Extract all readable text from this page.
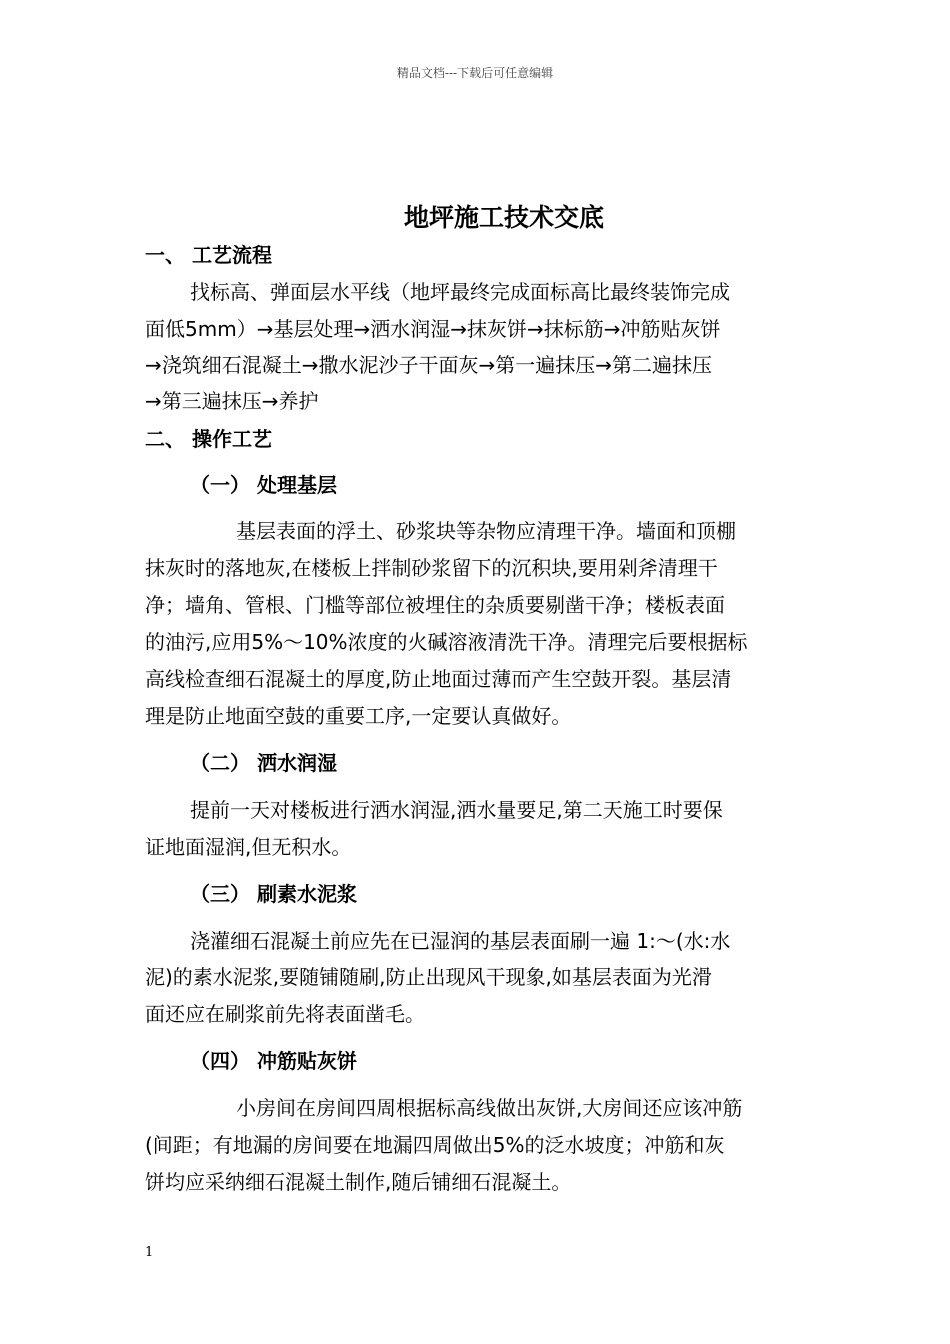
精品文档---下载后可任意编辑
地坪施工技术交底
一、 工艺流程
找标高、弹面层水平线（地坪最终完成面标高比最终装饰完成
面低5mm）→基层处理→洒水润湿→抹灰饼→抹标筋→冲筋贴灰饼
→浇筑细石混凝土→撒水泥沙子干面灰→第一遍抹压→第二遍抹压
→第三遍抹压→养护
二、 操作工艺
（一） 处理基层
基层表面的浮土、砂浆块等杂物应清理干净。墙面和顶棚
抹灰时的落地灰,在楼板上拌制砂浆留下的沉积块,要用剁斧清理干
净；墙角、管根、门槛等部位被埋住的杂质要剔凿干净；楼板表面
的油污,应用5%～10%浓度的火碱溶液清洗干净。清理完后要根据标
高线检查细石混凝土的厚度,防止地面过薄而产生空鼓开裂。基层清
理是防止地面空鼓的重要工序,一定要认真做好。
（二） 洒水润湿
提前一天对楼板进行洒水润湿,洒水量要足,第二天施工时要保
证地面湿润,但无积水。
（三） 刷素水泥浆
浇灌细石混凝土前应先在已湿润的基层表面刷一遍 1:～(水:水
泥)的素水泥浆,要随铺随刷,防止出现风干现象,如基层表面为光滑
面还应在刷浆前先将表面凿毛。
（四） 冲筋贴灰饼
小房间在房间四周根据标高线做出灰饼,大房间还应该冲筋
(间距；有地漏的房间要在地漏四周做出5%的泛水坡度；冲筋和灰
饼均应采纳细石混凝土制作,随后铺细石混凝土。
1
